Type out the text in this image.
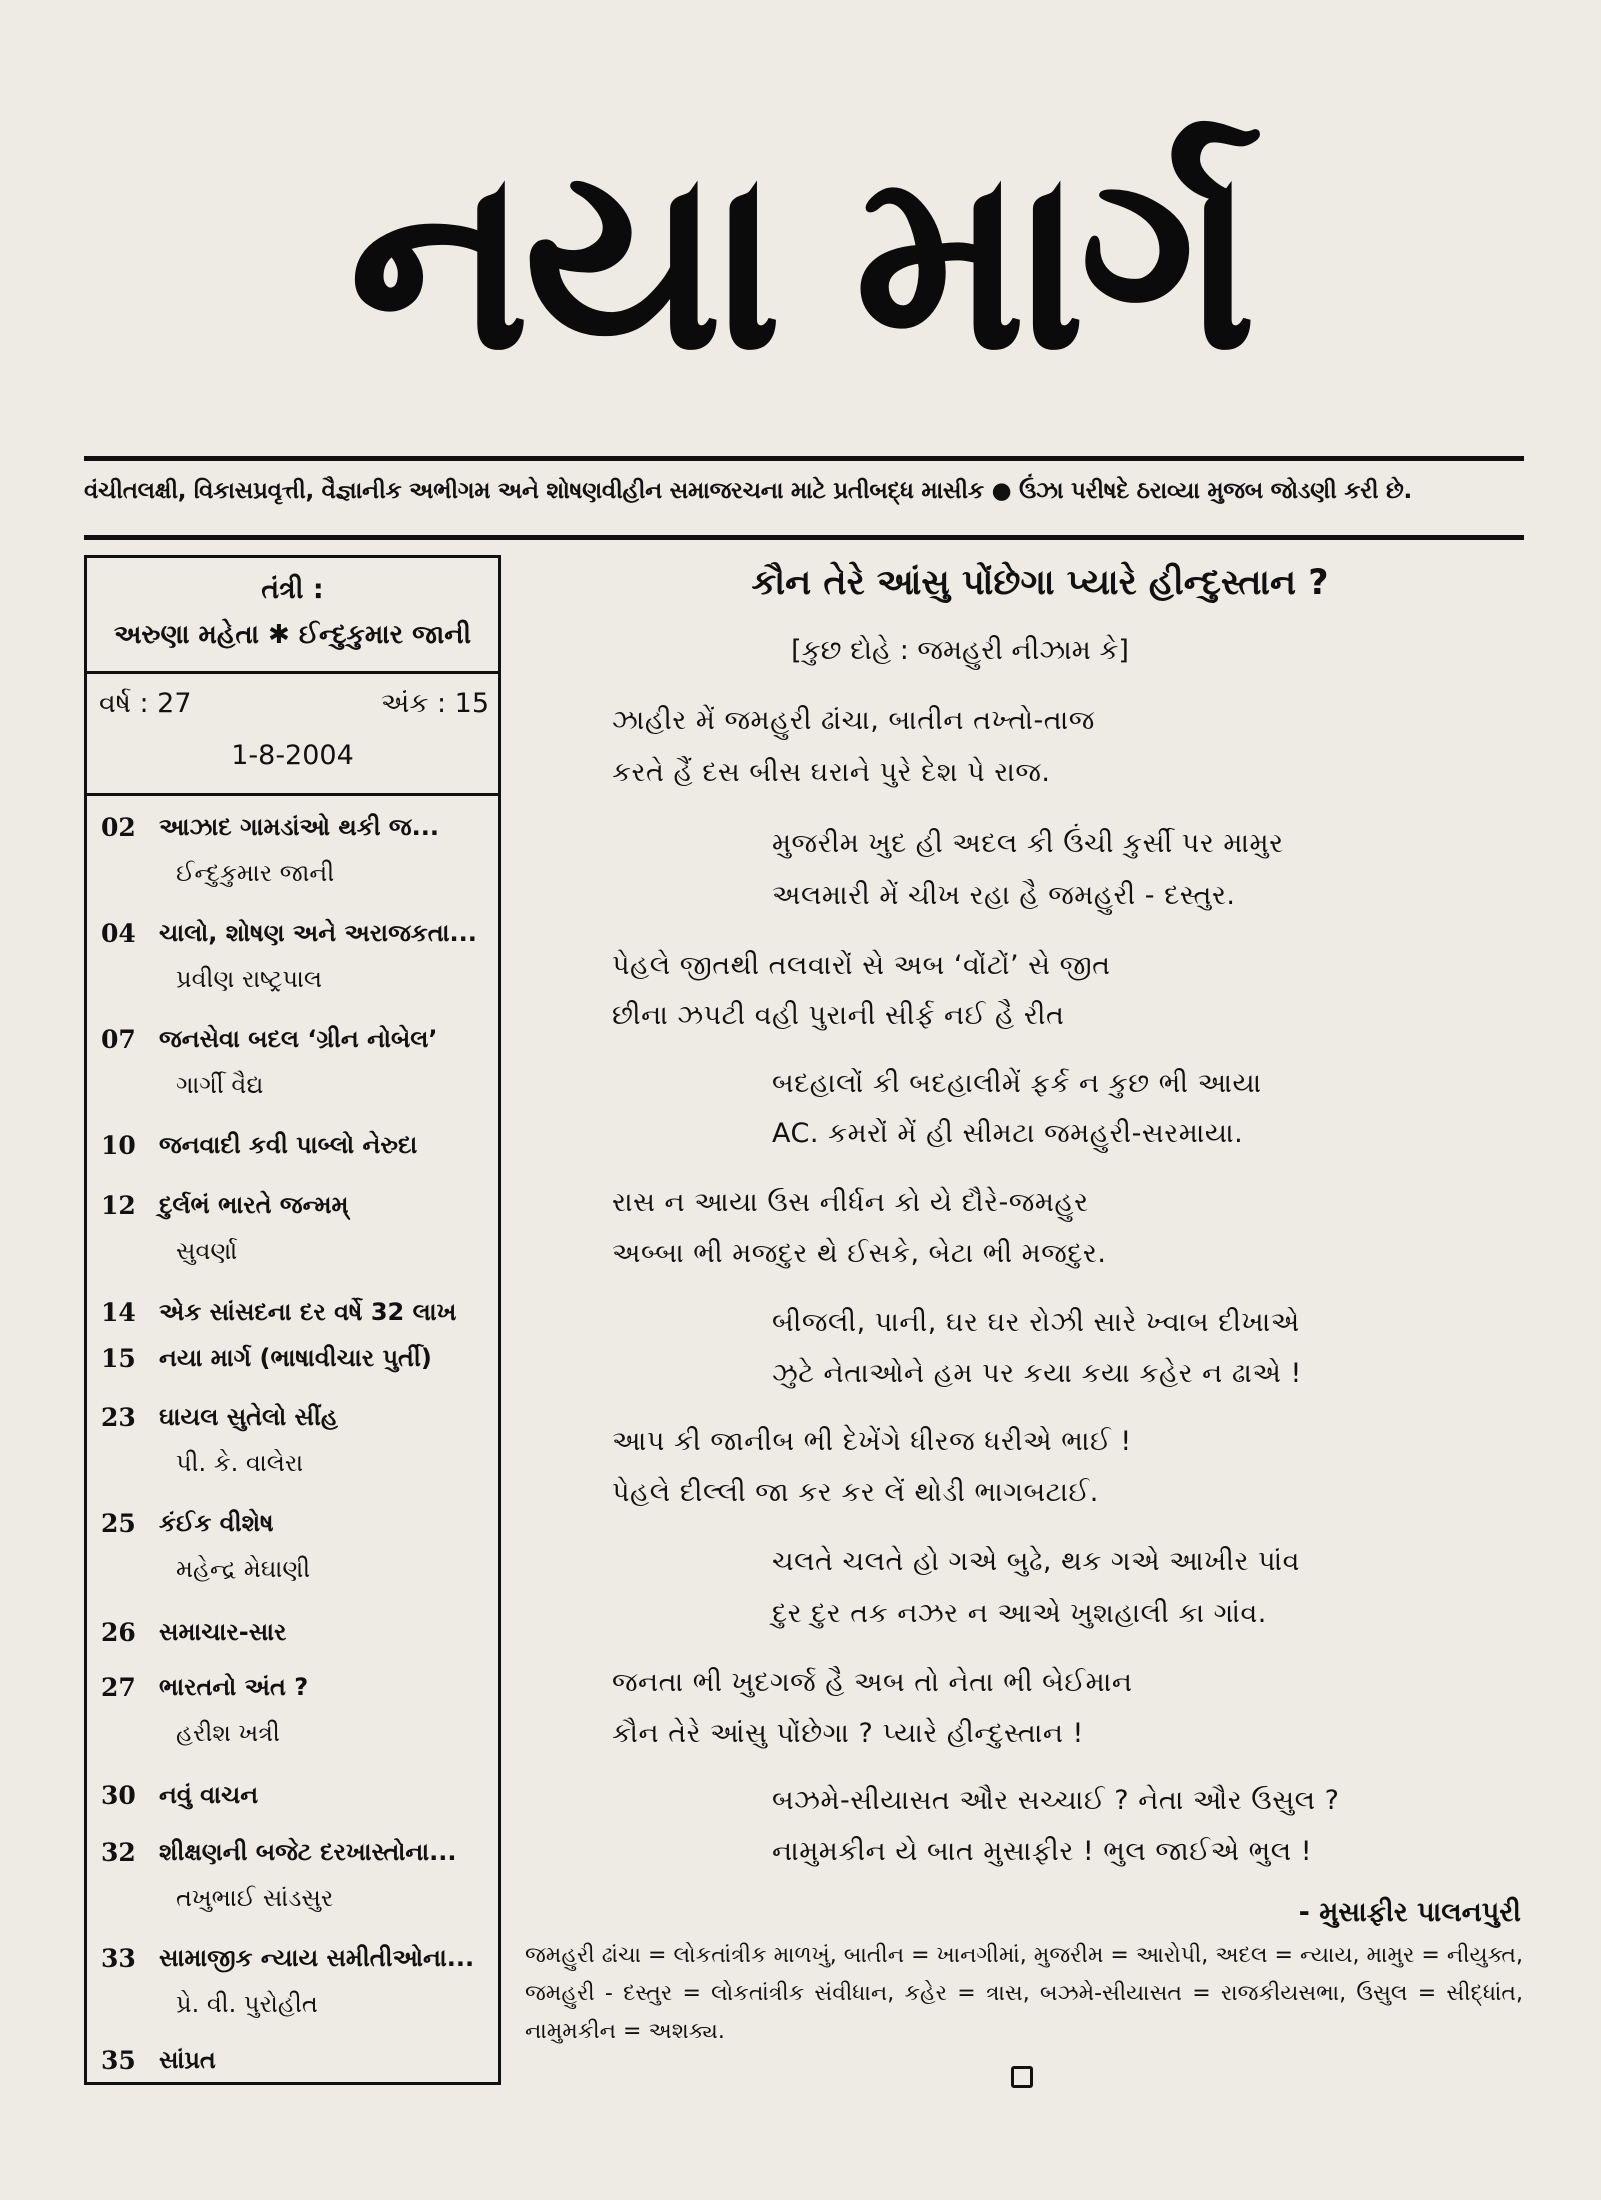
નયા માર્ગ
વંચીતલક્ષી, વિકાસપ્રવૃત્તી, વૈજ્ઞાનીક અભીગમ અને શોષણવીહીન સમાજરચના માટે પ્રતીબદ્ધ માસીક ● ઉંઝા પરીષદે ઠરાવ્યા મુજબ જોડણી કરી છે.
તંત્રી :
અરુણા મહેતા ✱ ઈન્દુકુમાર જાની
વર્ષ : 27	અંક : 15
1-8-2004
02 આઝાદ ગામડાંઓ થકી જ...
ઈન્દુકુમાર જાની
04 ચાલો, શોષણ અને અરાજકતા...
પ્રવીણ રાષ્ટ્રપાલ
07 જનસેવા બદલ ‘ગ્રીન નોબેલ’
ગાર્ગી વૈદ્ય
10 જનવાદી કવી પાબ્લો નેરુદા
12 દુર્લભં ભારતે જન્મમ્
સુવર્ણા
14 એક સાંસદના દર વર્ષે 32 લાખ
15 નયા માર્ગ (ભાષાવીચાર પુર્તી)
23 ઘાયલ સુતેલો સીંહ
પી. કે. વાલેરા
25 કંઈક વીશેષ
મહેન્દ્ર મેઘાણી
26 સમાચાર-સાર
27 ભારતનો અંત ?
હરીશ ખત્રી
30 નવું વાચન
32 શીક્ષણની બજેટ દરખાસ્તોના...
તખુભાઈ સાંડસુર
33 સામાજીક ન્યાય સમીતીઓના...
પ્રે. વી. પુરોહીત
35 સાંપ્રત
કૌન તેરે આંસુ પોંછેગા પ્યારે હીન્દુસ્તાન ?
[કુછ દોહે : જમહુરી નીઝામ કે]
ઝાહીર મેં જમહુરી ઢાંચા, બાતીન તખ્તો-તાજ
કરતે હૈં દસ બીસ ઘરાને પુરે દેશ પે રાજ.
મુજરીમ ખુદ હી અદલ કી ઉંચી કુર્સી પર મામુર
અલમારી મેં ચીખ રહા હૈ જમહુરી - દસ્તુર.
પેહલે જીતથી તલવારોં સે અબ ‘વોંટોં’ સે જીત
છીના ઝપટી વહી પુરાની સીર્ફ નઈ હૈ રીત
બદહાલોં કી બદહાલીમેં ફર્ક ન કુછ ભી આયા
AC. કમરોં મેં હી સીમટા જમહુરી-સરમાયા.
રાસ ન આયા ઉસ નીર્ધન કો યે દૌરે-જમહુર
અબ્બા ભી મજદુર થે ઈસકે, બેટા ભી મજદુર.
બીજલી, પાની, ઘર ઘર રોઝી સારે ખ્વાબ દીખાએ
ઝુટે નેતાઓને હમ પર કયા કયા કહેર ન ઢાએ !
આપ કી જાનીબ ભી દેખેંગે ધીરજ ધરીએ ભાઈ !
પેહલે દીલ્લી જા કર કર લેં થોડી ભાગબટાઈ.
ચલતે ચલતે હો ગએ બુઢે, થક ગએ આખીર પાંવ
દુર દુર તક નઝર ન આએ ખુશહાલી કા ગાંવ.
જનતા ભી ખુદગર્જ હૈ અબ તો નેતા ભી બેઈમાન
કૌન તેરે આંસુ પોંછેગા ? પ્યારે હીન્દુસ્તાન !
બઝમે-સીયાસત ઔર સચ્ચાઈ ? નેતા ઔર ઉસુલ ?
નામુમકીન યે બાત મુસાફીર ! ભુલ જાઈએ ભુલ !
- મુસાફીર પાલનપુરી
જમહુરી ઢાંચા = લોકતાંત્રીક માળખું, બાતીન = ખાનગીમાં, મુજરીમ = આરોપી, અદલ = ન્યાય, મામુર = નીયુક્ત, જમહુરી - દસ્તુર = લોકતાંત્રીક સંવીધાન, કહેર = ત્રાસ, બઝમે-સીયાસત = રાજકીયસભા, ઉસુલ = સીદ્ધાંત, નામુમકીન = અશક્ય.
